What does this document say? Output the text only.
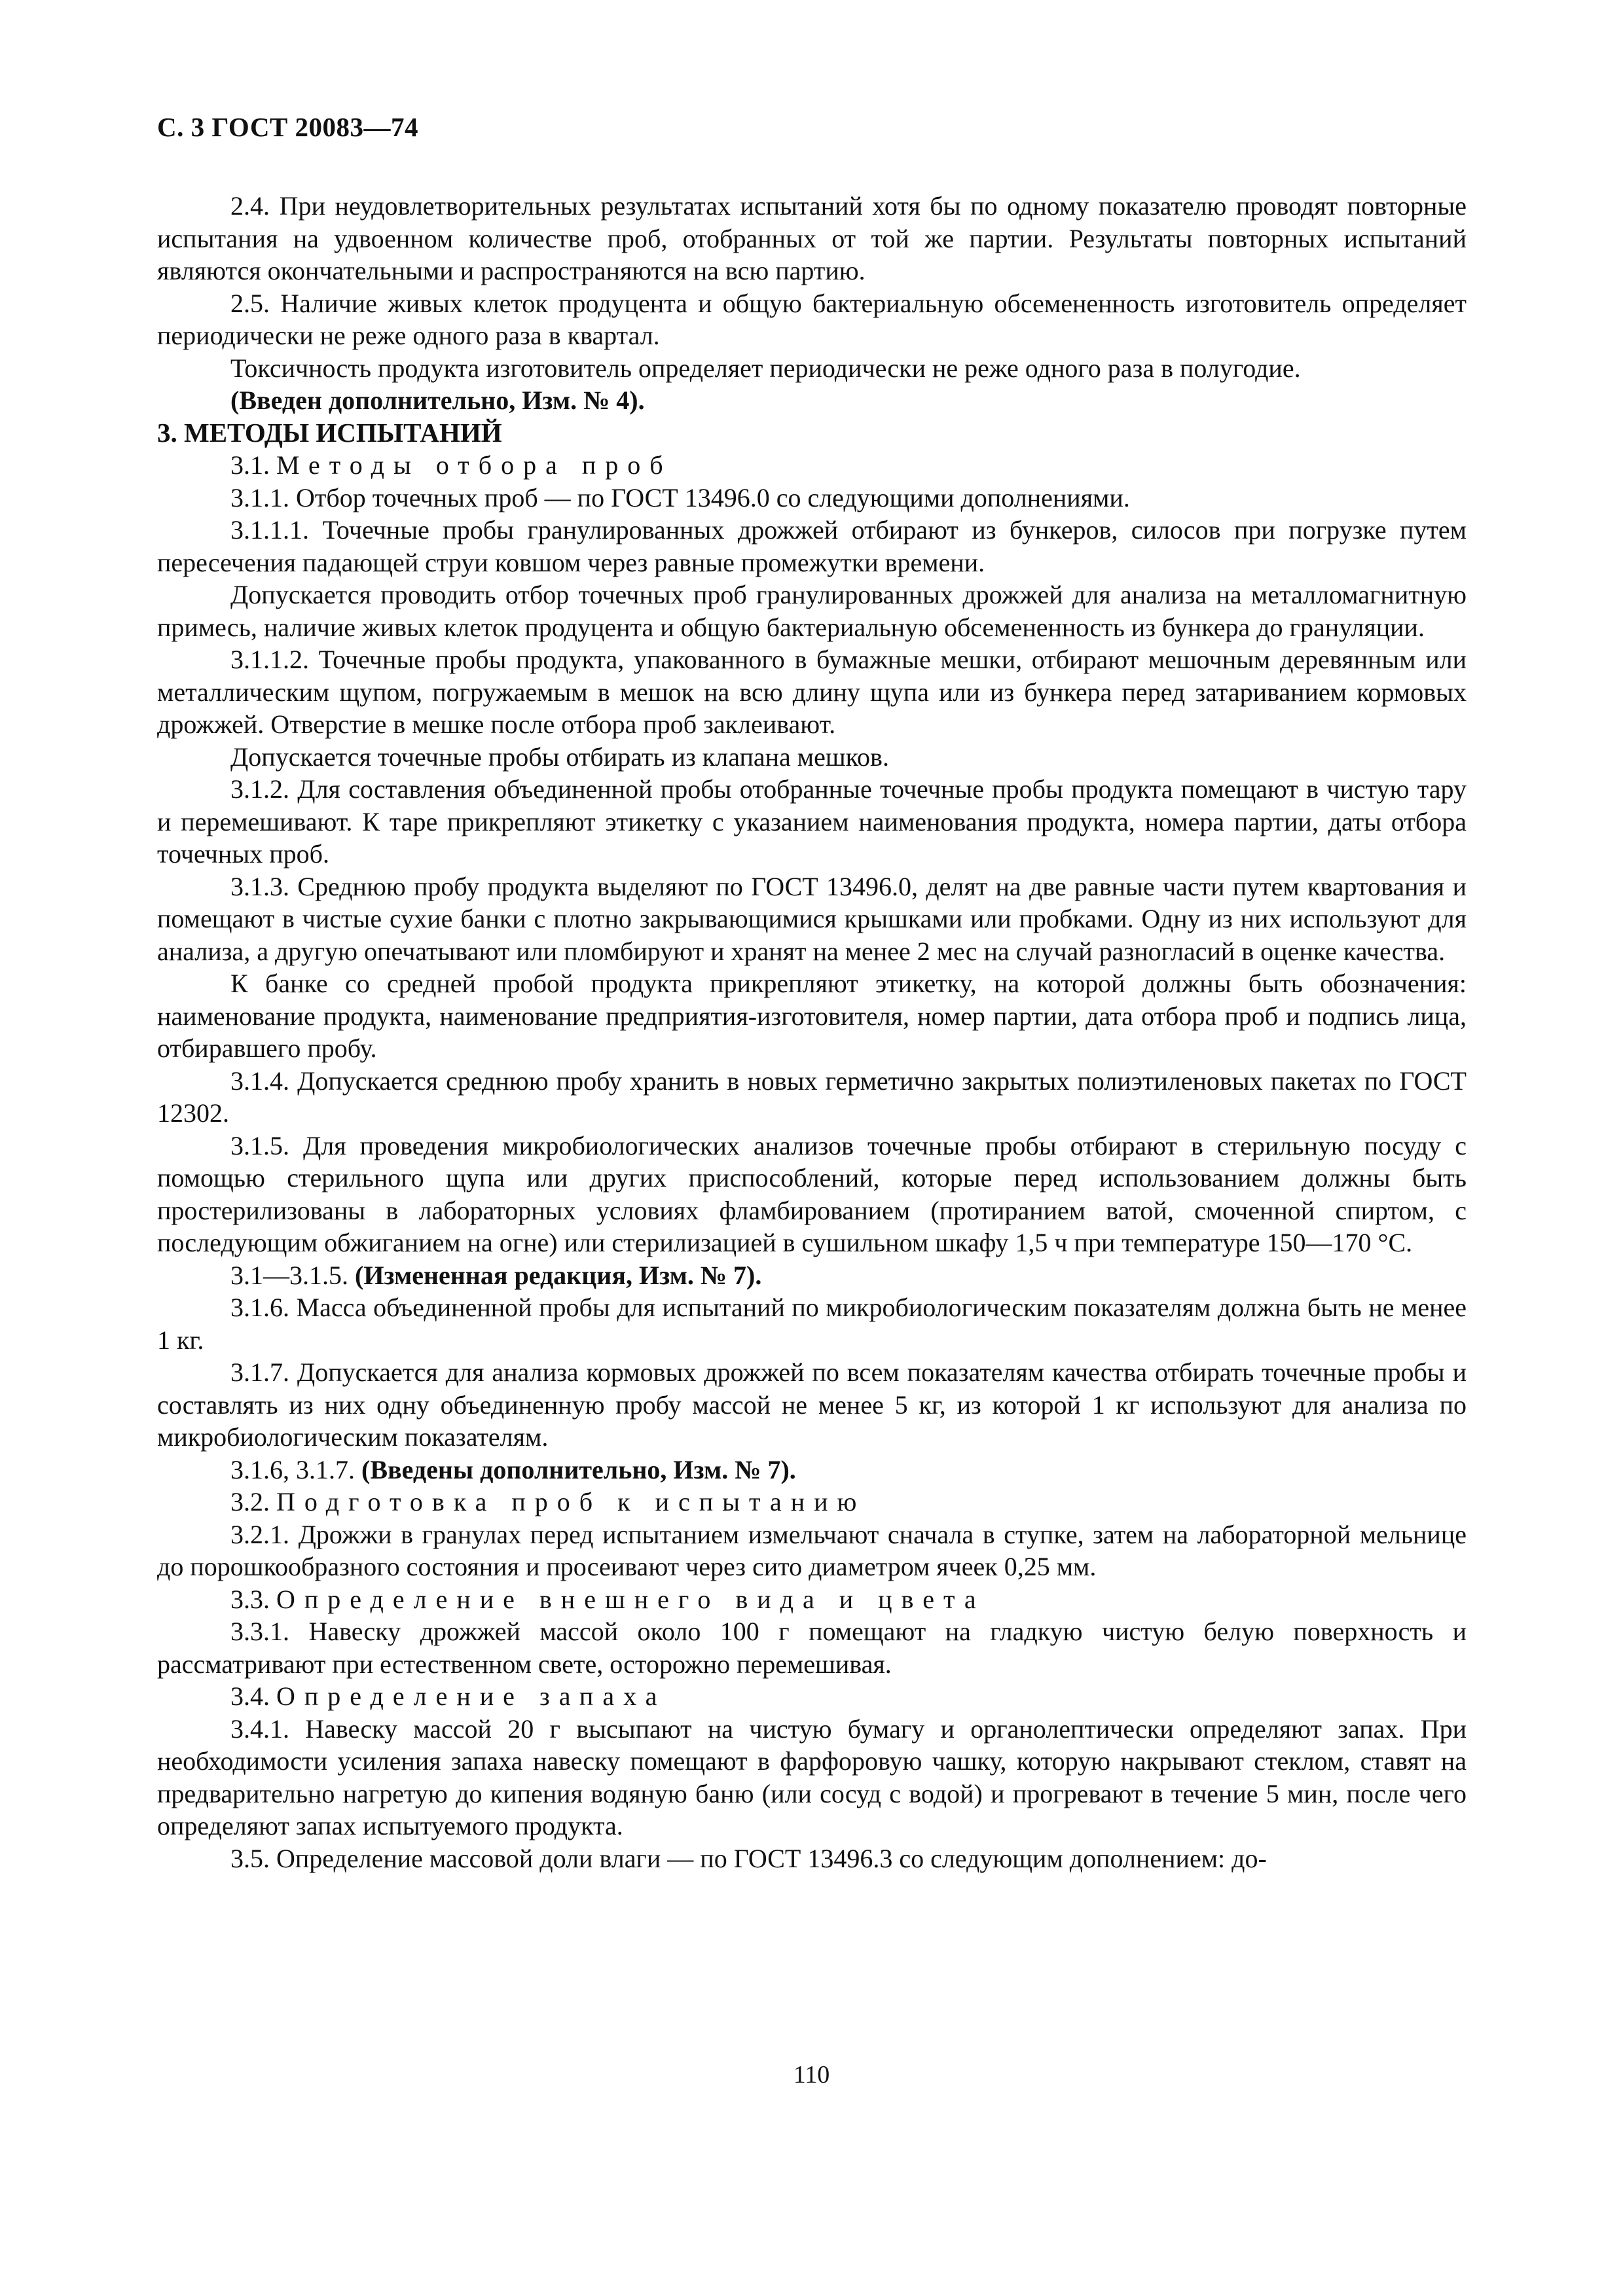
С. 3 ГОСТ 20083—74

2.4. При неудовлетворительных результатах испытаний хотя бы по одному показателю проводят повторные испытания на удвоенном количестве проб, отобранных от той же партии. Результаты повторных испытаний являются окончательными и распространяются на всю партию.

2.5. Наличие живых клеток продуцента и общую бактериальную обсемененность изготовитель определяет периодически не реже одного раза в квартал.

Токсичность продукта изготовитель определяет периодически не реже одного раза в полугодие.

(Введен дополнительно, Изм. № 4).

3. МЕТОДЫ ИСПЫТАНИЙ

3.1. Методы отбора проб

3.1.1. Отбор точечных проб — по ГОСТ 13496.0 со следующими дополнениями.

3.1.1.1. Точечные пробы гранулированных дрожжей отбирают из бункеров, силосов при погрузке путем пересечения падающей струи ковшом через равные промежутки времени.

Допускается проводить отбор точечных проб гранулированных дрожжей для анализа на металломагнитную примесь, наличие живых клеток продуцента и общую бактериальную обсемененность из бункера до грануляции.

3.1.1.2. Точечные пробы продукта, упакованного в бумажные мешки, отбирают мешочным деревянным или металлическим щупом, погружаемым в мешок на всю длину щупа или из бункера перед затариванием кормовых дрожжей. Отверстие в мешке после отбора проб заклеивают.

Допускается точечные пробы отбирать из клапана мешков.

3.1.2. Для составления объединенной пробы отобранные точечные пробы продукта помещают в чистую тару и перемешивают. К таре прикрепляют этикетку с указанием наименования продукта, номера партии, даты отбора точечных проб.

3.1.3. Среднюю пробу продукта выделяют по ГОСТ 13496.0, делят на две равные части путем квартования и помещают в чистые сухие банки с плотно закрывающимися крышками или пробками. Одну из них используют для анализа, а другую опечатывают или пломбируют и хранят на менее 2 мес на случай разногласий в оценке качества.

К банке со средней пробой продукта прикрепляют этикетку, на которой должны быть обозначения: наименование продукта, наименование предприятия-изготовителя, номер партии, дата отбора проб и подпись лица, отбиравшего пробу.

3.1.4. Допускается среднюю пробу хранить в новых герметично закрытых полиэтиленовых пакетах по ГОСТ 12302.

3.1.5. Для проведения микробиологических анализов точечные пробы отбирают в стерильную посуду с помощью стерильного щупа или других приспособлений, которые перед использованием должны быть простерилизованы в лабораторных условиях фламбированием (протиранием ватой, смоченной спиртом, с последующим обжиганием на огне) или стерилизацией в сушильном шкафу 1,5 ч при температуре 150—170 °С.

3.1—3.1.5. (Измененная редакция, Изм. № 7).

3.1.6. Масса объединенной пробы для испытаний по микробиологическим показателям должна быть не менее 1 кг.

3.1.7. Допускается для анализа кормовых дрожжей по всем показателям качества отбирать точечные пробы и составлять из них одну объединенную пробу массой не менее 5 кг, из которой 1 кг используют для анализа по микробиологическим показателям.

3.1.6, 3.1.7. (Введены дополнительно, Изм. № 7).

3.2. Подготовка проб к испытанию

3.2.1. Дрожжи в гранулах перед испытанием измельчают сначала в ступке, затем на лабораторной мельнице до порошкообразного состояния и просеивают через сито диаметром ячеек 0,25 мм.

3.3. Определение внешнего вида и цвета

3.3.1. Навеску дрожжей массой около 100 г помещают на гладкую чистую белую поверхность и рассматривают при естественном свете, осторожно перемешивая.

3.4. Определение запаха

3.4.1. Навеску массой 20 г высыпают на чистую бумагу и органолептически определяют запах. При необходимости усиления запаха навеску помещают в фарфоровую чашку, которую накрывают стеклом, ставят на предварительно нагретую до кипения водяную баню (или сосуд с водой) и прогревают в течение 5 мин, после чего определяют запах испытуемого продукта.

3.5. Определение массовой доли влаги — по ГОСТ 13496.3 со следующим дополнением: до-

110
